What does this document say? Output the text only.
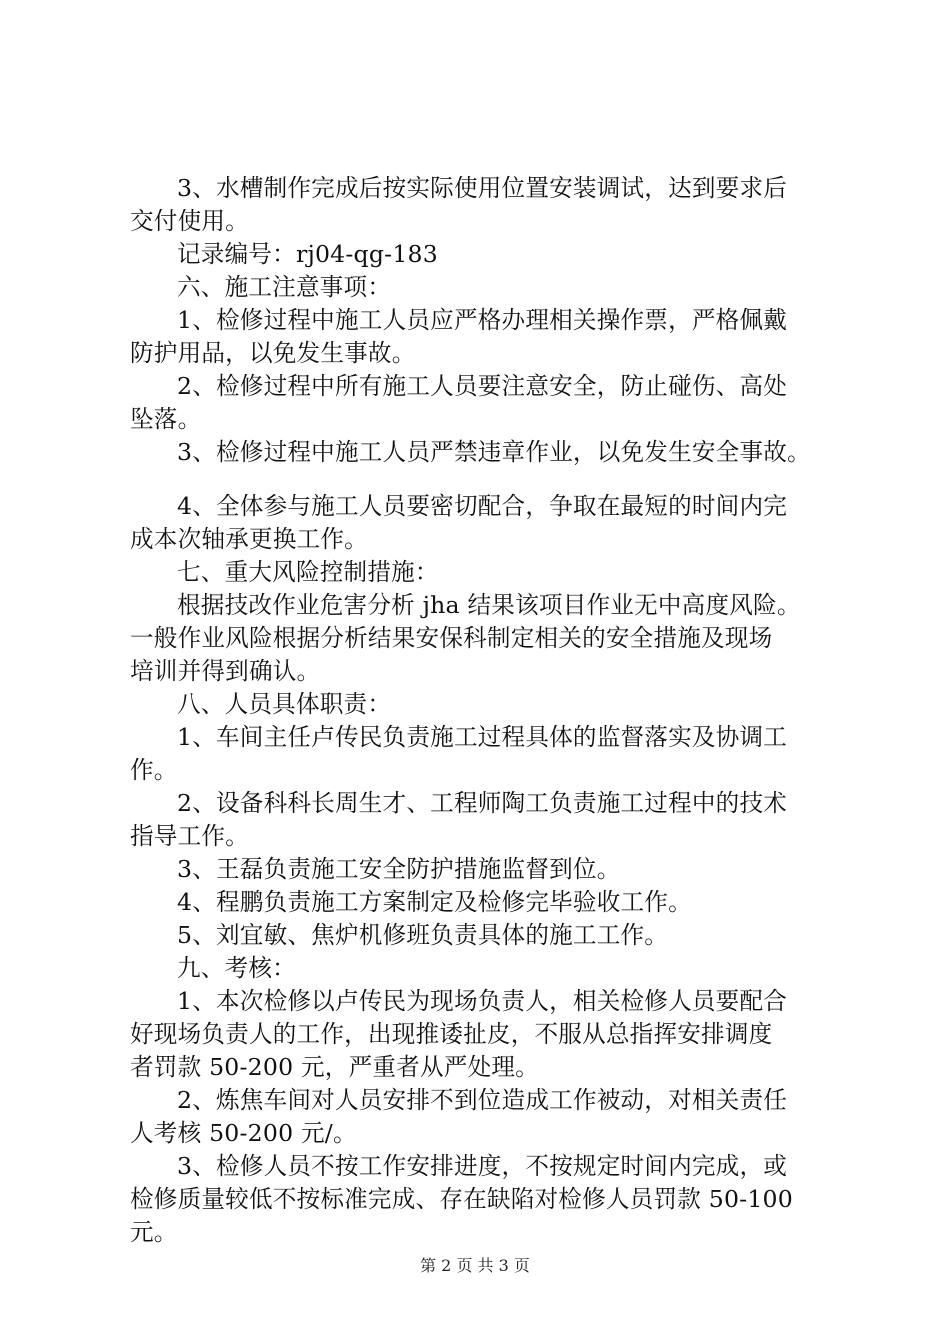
3、水槽制作完成后按实际使用位置安装调试，达到要求后
交付使用。
记录编号：rj04-qg-183
六、施工注意事项：
1、检修过程中施工人员应严格办理相关操作票，严格佩戴
防护用品，以免发生事故。
2、检修过程中所有施工人员要注意安全，防止碰伤、高处
坠落。
3、检修过程中施工人员严禁违章作业，以免发生安全事故。
4、全体参与施工人员要密切配合，争取在最短的时间内完
成本次轴承更换工作。
七、重大风险控制措施：
根据技改作业危害分析 jha 结果该项目作业无中高度风险。
一般作业风险根据分析结果安保科制定相关的安全措施及现场
培训并得到确认。
八、人员具体职责：
1、车间主任卢传民负责施工过程具体的监督落实及协调工
作。
2、设备科科长周生才、工程师陶工负责施工过程中的技术
指导工作。
3、王磊负责施工安全防护措施监督到位。
4、程鹏负责施工方案制定及检修完毕验收工作。
5、刘宜敏、焦炉机修班负责具体的施工工作。
九、考核：
1、本次检修以卢传民为现场负责人，相关检修人员要配合
好现场负责人的工作，出现推诿扯皮，不服从总指挥安排调度
者罚款 50-200 元，严重者从严处理。
2、炼焦车间对人员安排不到位造成工作被动，对相关责任
人考核 50-200 元/。
3、检修人员不按工作安排进度，不按规定时间内完成，或
检修质量较低不按标准完成、存在缺陷对检修人员罚款 50-100
元。
第 2 页 共 3 页
